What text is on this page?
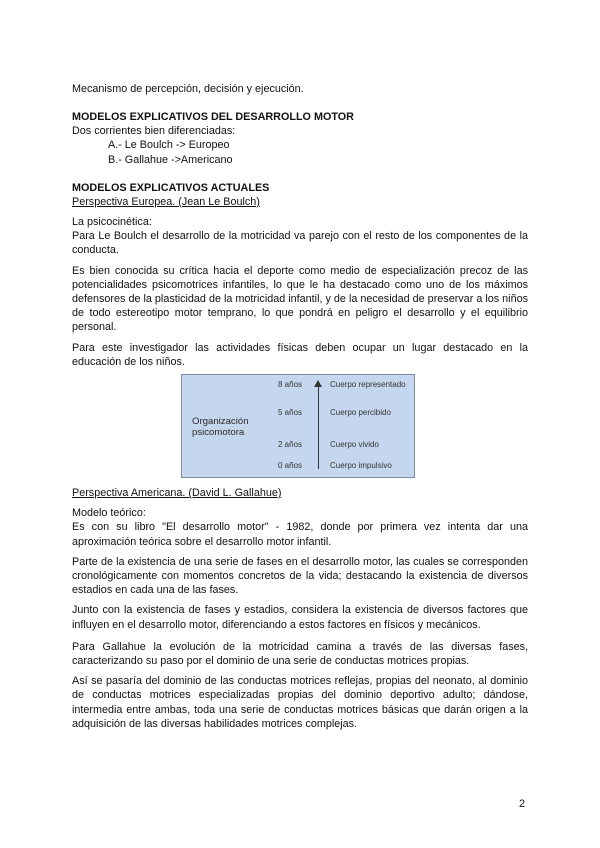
Mecanismo de percepción, decisión y ejecución.

MODELOS EXPLICATIVOS DEL DESARROLLO MOTOR

Dos corrientes bien diferenciadas:

A.- Le Boulch -> Europeo

B.- Gallahue ->Americano

MODELOS EXPLICATIVOS ACTUALES

Perspectiva Europea. (Jean Le Boulch)

La psicocinética:

Para Le Boulch el desarrollo de la motricidad va parejo con el resto de los componentes de la conducta.

Es bien conocida su crítica hacia el deporte como medio de especialización precoz de las potencialidades psicomotrices infantiles, lo que le ha destacado como uno de los máximos defensores de la plasticidad de la motricidad infantil, y de la necesidad de preservar a los niños de todo estereotipo motor temprano, lo que pondrá en peligro el desarrollo y el equilibrio personal.

Para este investigador las actividades físicas deben ocupar un lugar destacado en la educación de los niños.

Organización psicomotora
8 años	Cuerpo representado
5 años	Cuerpo percibido
2 años	Cuerpo vivido
0 años	Cuerpo impulsivo

Perspectiva Americana. (David L. Gallahue)

Modelo teórico:

Es con su libro "El desarrollo motor" - 1982, donde por primera vez intenta dar una aproximación teórica sobre el desarrollo motor infantil.

Parte de la existencia de una serie de fases en el desarrollo motor, las cuales se corresponden cronológicamente con momentos concretos de la vida; destacando la existencia de diversos estadios en cada una de las fases.

Junto con la existencia de fases y estadios, considera la existencia de diversos factores que influyen en el desarrollo motor, diferenciando a estos factores en físicos y mecánicos.

Para Gallahue la evolución de la motricidad camina a través de las diversas fases, caracterizando su paso por el dominio de una serie de conductas motrices propias.

Así se pasaría del dominio de las conductas motrices reflejas, propias del neonato, al dominio de conductas motrices especializadas propias del dominio deportivo adulto; dándose, intermedia entre ambas, toda una serie de conductas motrices básicas que darán origen a la adquisición de las diversas habilidades motrices complejas.

2
